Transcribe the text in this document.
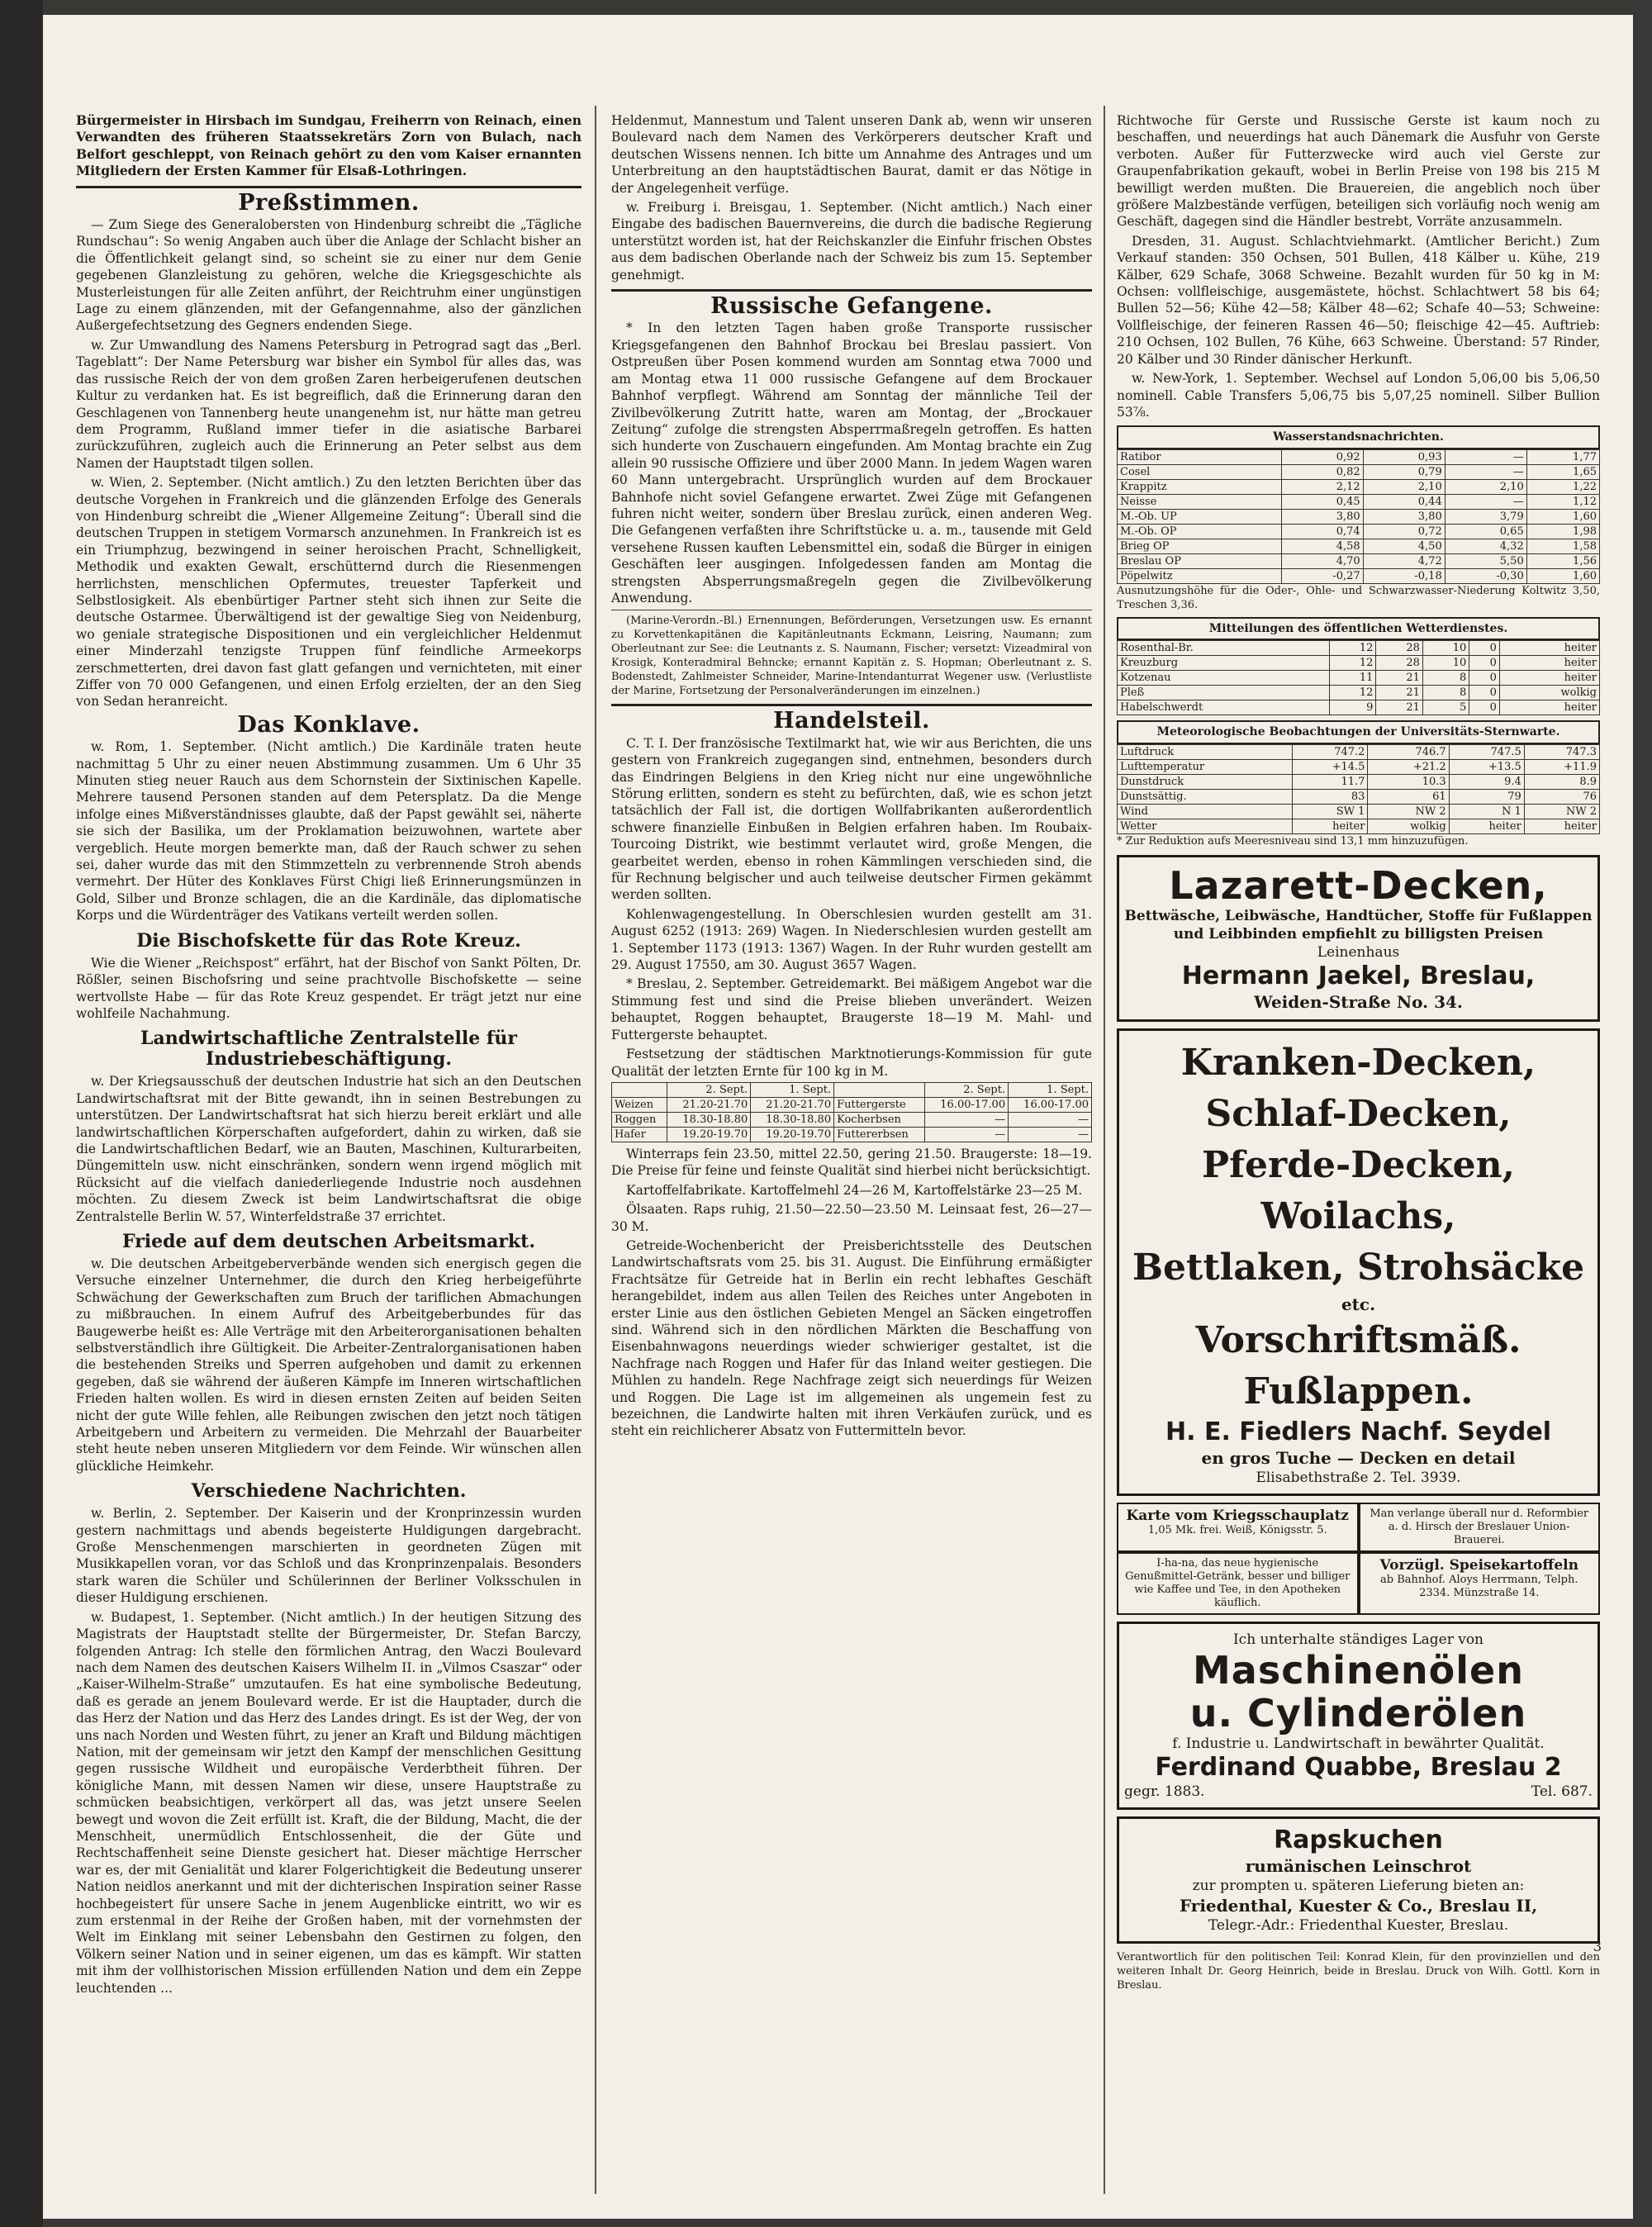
Bürgermeister in Hirsbach im Sundgau, Freiherrn von Reinach, einen Verwandten des früheren Staatssekretärs Zorn von Bulach, nach Belfort geschleppt, von Reinach gehört zu den vom Kaiser ernannten Mitgliedern der Ersten Kammer für Elsaß-Lothringen.

Preßstimmen.

— Zum Siege des Generalobersten von Hindenburg schreibt die „Tägliche Rundschau“: So wenig Angaben auch über die Anlage der Schlacht bisher an die Öffentlichkeit gelangt sind, so scheint sie zu einer nur dem Genie gegebenen Glanzleistung zu gehören, welche die Kriegsgeschichte als Musterleistungen für alle Zeiten anführt, der Reichtruhm einer ungünstigen Lage zu einem glänzenden, mit der Gefangennahme, also der gänzlichen Außergefechtsetzung des Gegners endenden Siege.

w. Zur Umwandlung des Namens Petersburg in Petrograd sagt das „Berl. Tageblatt“: Der Name Petersburg war bisher ein Symbol für alles das, was das russische Reich der von dem großen Zaren herbeigerufenen deutschen Kultur zu verdanken hat. Es ist begreiflich, daß die Erinnerung daran den Geschlagenen von Tannenberg heute unangenehm ist, nur hätte man getreu dem Programm, Rußland immer tiefer in die asiatische Barbarei zurückzuführen, zugleich auch die Erinnerung an Peter selbst aus dem Namen der Hauptstadt tilgen sollen.

w. Wien, 2. September. (Nicht amtlich.) Zu den letzten Berichten über das deutsche Vorgehen in Frankreich und die glänzenden Erfolge des Generals von Hindenburg schreibt die „Wiener Allgemeine Zeitung“: Überall sind die deutschen Truppen in stetigem Vormarsch anzunehmen. In Frankreich ist es ein Triumphzug, bezwingend in seiner heroischen Pracht, Schnelligkeit, Methodik und exakten Gewalt, erschütternd durch die Riesenmengen herrlichsten, menschlichen Opfermutes, treuester Tapferkeit und Selbstlosigkeit. Als ebenbürtiger Partner steht sich ihnen zur Seite die deutsche Ostarmee. Überwältigend ist der gewaltige Sieg von Neidenburg, wo geniale strategische Dispositionen und ein vergleichlicher Heldenmut einer Minderzahl tenzigste Truppen fünf feindliche Armeekorps zerschmetterten, drei davon fast glatt gefangen und vernichteten, mit einer Ziffer von 70 000 Gefangenen, und einen Erfolg erzielten, der an den Sieg von Sedan heranreicht.

Das Konklave.

w. Rom, 1. September. (Nicht amtlich.) Die Kardinäle traten heute nachmittag 5 Uhr zu einer neuen Abstimmung zusammen. Um 6 Uhr 35 Minuten stieg neuer Rauch aus dem Schornstein der Sixtinischen Kapelle. Mehrere tausend Personen standen auf dem Petersplatz. Da die Menge infolge eines Mißverständnisses glaubte, daß der Papst gewählt sei, näherte sie sich der Basilika, um der Proklamation beizuwohnen, wartete aber vergeblich. Heute morgen bemerkte man, daß der Rauch schwer zu sehen sei, daher wurde das mit den Stimmzetteln zu verbrennende Stroh abends vermehrt. Der Hüter des Konklaves Fürst Chigi ließ Erinnerungsmünzen in Gold, Silber und Bronze schlagen, die an die Kardinäle, das diplomatische Korps und die Würdenträger des Vatikans verteilt werden sollen.

Die Bischofskette für das Rote Kreuz.

Wie die Wiener „Reichspost“ erfährt, hat der Bischof von Sankt Pölten, Dr. Rößler, seinen Bischofsring und seine prachtvolle Bischofskette — seine wertvollste Habe — für das Rote Kreuz gespendet. Er trägt jetzt nur eine wohlfeile Nachahmung.

Landwirtschaftliche Zentralstelle für Industriebeschäftigung.

w. Der Kriegsausschuß der deutschen Industrie hat sich an den Deutschen Landwirtschaftsrat mit der Bitte gewandt, ihn in seinen Bestrebungen zu unterstützen. Der Landwirtschaftsrat hat sich hierzu bereit erklärt und alle landwirtschaftlichen Körperschaften aufgefordert, dahin zu wirken, daß sie die Landwirtschaftlichen Bedarf, wie an Bauten, Maschinen, Kulturarbeiten, Düngemitteln usw. nicht einschränken, sondern wenn irgend möglich mit Rücksicht auf die vielfach daniederliegende Industrie noch ausdehnen möchten. Zu diesem Zweck ist beim Landwirtschaftsrat die obige Zentralstelle Berlin W. 57, Winterfeldstraße 37 errichtet.

Friede auf dem deutschen Arbeitsmarkt.

w. Die deutschen Arbeitgeberverbände wenden sich energisch gegen die Versuche einzelner Unternehmer, die durch den Krieg herbeigeführte Schwächung der Gewerkschaften zum Bruch der tariflichen Abmachungen zu mißbrauchen. In einem Aufruf des Arbeitgeberbundes für das Baugewerbe heißt es: Alle Verträge mit den Arbeiterorganisationen behalten selbstverständlich ihre Gültigkeit. Die Arbeiter-Zentralorganisationen haben die bestehenden Streiks und Sperren aufgehoben und damit zu erkennen gegeben, daß sie während der äußeren Kämpfe im Inneren wirtschaftlichen Frieden halten wollen. Es wird in diesen ernsten Zeiten auf beiden Seiten nicht der gute Wille fehlen, alle Reibungen zwischen den jetzt noch tätigen Arbeitgebern und Arbeitern zu vermeiden. Die Mehrzahl der Bauarbeiter steht heute neben unseren Mitgliedern vor dem Feinde. Wir wünschen allen glückliche Heimkehr.

Verschiedene Nachrichten.

w. Berlin, 2. September. Der Kaiserin und der Kronprinzessin wurden gestern nachmittags und abends begeisterte Huldigungen dargebracht. Große Menschenmengen marschierten in geordneten Zügen mit Musikkapellen voran, vor das Schloß und das Kronprinzenpalais. Besonders stark waren die Schüler und Schülerinnen der Berliner Volksschulen in dieser Huldigung erschienen.

w. Budapest, 1. September. (Nicht amtlich.) In der heutigen Sitzung des Magistrats der Hauptstadt stellte der Bürgermeister, Dr. Stefan Barczy, folgenden Antrag: Ich stelle den förmlichen Antrag, den Waczi Boulevard nach dem Namen des deutschen Kaisers Wilhelm II. in „Vilmos Csaszar“ oder „Kaiser-Wilhelm-Straße“ umzutaufen. Es hat eine symbolische Bedeutung, daß es gerade an jenem Boulevard werde. Er ist die Hauptader, durch die das Herz der Nation und das Herz des Landes dringt. Es ist der Weg, der von uns nach Norden und Westen führt, zu jener an Kraft und Bildung mächtigen Nation, mit der gemeinsam wir jetzt den Kampf der menschlichen Gesittung gegen russische Wildheit und europäische Verderbtheit führen. Der königliche Mann, mit dessen Namen wir diese, unsere Hauptstraße zu schmücken beabsichtigen, verkörpert all das, was jetzt unsere Seelen bewegt und wovon die Zeit erfüllt ist. Kraft, die der Bildung, Macht, die der Menschheit, unermüdlich Entschlossenheit, die der Güte und Rechtschaffenheit seine Dienste gesichert hat. Dieser mächtige Herrscher war es, der mit Genialität und klarer Folgerichtigkeit die Bedeutung unserer Nation neidlos anerkannt und mit der dichterischen Inspiration seiner Rasse hochbegeistert für unsere Sache in jenem Augenblicke eintritt, wo wir es zum erstenmal in der Reihe der Großen haben, mit der vornehmsten der Welt im Einklang mit seiner Lebensbahn den Gestirnen zu folgen, den Völkern seiner Nation und in seiner eigenen, um das es kämpft. Wir statten mit ihm der vollhistorischen Mission erfüllenden Nation und dem ein Zeppe leuchtenden ...

Heldenmut, Mannestum und Talent unseren Dank ab, wenn wir unseren Boulevard nach dem Namen des Verkörperers deutscher Kraft und deutschen Wissens nennen. Ich bitte um Annahme des Antrages und um Unterbreitung an den hauptstädtischen Baurat, damit er das Nötige in der Angelegenheit verfüge.

w. Freiburg i. Breisgau, 1. September. (Nicht amtlich.) Nach einer Eingabe des badischen Bauernvereins, die durch die badische Regierung unterstützt worden ist, hat der Reichskanzler die Einfuhr frischen Obstes aus dem badischen Oberlande nach der Schweiz bis zum 15. September genehmigt.

Russische Gefangene.

* In den letzten Tagen haben große Transporte russischer Kriegsgefangenen den Bahnhof Brockau bei Breslau passiert. Von Ostpreußen über Posen kommend wurden am Sonntag etwa 7000 und am Montag etwa 11 000 russische Gefangene auf dem Brockauer Bahnhof verpflegt. Während am Sonntag der männliche Teil der Zivilbevölkerung Zutritt hatte, waren am Montag, der „Brockauer Zeitung“ zufolge die strengsten Absperrmaßregeln getroffen. Es hatten sich hunderte von Zuschauern eingefunden. Am Montag brachte ein Zug allein 90 russische Offiziere und über 2000 Mann. In jedem Wagen waren 60 Mann untergebracht. Ursprünglich wurden auf dem Brockauer Bahnhofe nicht soviel Gefangene erwartet. Zwei Züge mit Gefangenen fuhren nicht weiter, sondern über Breslau zurück, einen anderen Weg. Die Gefangenen verfaßten ihre Schriftstücke u. a. m., tausende mit Geld versehene Russen kauften Lebensmittel ein, sodaß die Bürger in einigen Geschäften leer ausgingen. Infolgedessen fanden am Montag die strengsten Absperrungsmaßregeln gegen die Zivilbevölkerung Anwendung.

(Marine-Verordn.-Bl.) Ernennungen, Beförderungen, Versetzungen usw. Es ernannt zu Korvettenkapitänen die Kapitänleutnants Eckmann, Leisring, Naumann; zum Oberleutnant zur See: die Leutnants z. S. Naumann, Fischer; versetzt: Vizeadmiral von Krosigk, Konteradmiral Behncke; ernannt Kapitän z. S. Hopman; Oberleutnant z. S. Bodenstedt, Zahlmeister Schneider, Marine-Intendanturrat Wegener usw. (Verlustliste der Marine, Fortsetzung der Personalveränderungen im einzelnen.)

Handelsteil.

C. T. I. Der französische Textilmarkt hat, wie wir aus Berichten, die uns gestern von Frankreich zugegangen sind, entnehmen, besonders durch das Eindringen Belgiens in den Krieg nicht nur eine ungewöhnliche Störung erlitten, sondern es steht zu befürchten, daß, wie es schon jetzt tatsächlich der Fall ist, die dortigen Wollfabrikanten außerordentlich schwere finanzielle Einbußen in Belgien erfahren haben. Im Roubaix-Tourcoing Distrikt, wie bestimmt verlautet wird, große Mengen, die gearbeitet werden, ebenso in rohen Kämmlingen verschieden sind, die für Rechnung belgischer und auch teilweise deutscher Firmen gekämmt werden sollten.

Kohlenwagengestellung. In Oberschlesien wurden gestellt am 31. August 6252 (1913: 269) Wagen. In Niederschlesien wurden gestellt am 1. September 1173 (1913: 1367) Wagen. In der Ruhr wurden gestellt am 29. August 17550, am 30. August 3657 Wagen.

* Breslau, 2. September. Getreidemarkt. Bei mäßigem Angebot war die Stimmung fest und sind die Preise blieben unverändert. Weizen behauptet, Roggen behauptet, Braugerste 18—19 M. Mahl- und Futtergerste behauptet.

Festsetzung der städtischen Marktnotierungs-Kommission für gute Qualität der letzten Ernte für 100 kg in M.

	2. Sept.	1. Sept.		2. Sept.	1. Sept.
Weizen	21.20-21.70	21.20-21.70	Futtergerste	16.00-17.00	16.00-17.00
Roggen	18.30-18.80	18.30-18.80	Kocherbsen	—	—
Hafer	19.20-19.70	19.20-19.70	Futtererbsen	—	—

Winterraps fein 23.50, mittel 22.50, gering 21.50. Braugerste: 18—19. Die Preise für feine und feinste Qualität sind hierbei nicht berücksichtigt.

Kartoffelfabrikate. Kartoffelmehl 24—26 M, Kartoffelstärke 23—25 M.

Ölsaaten. Raps ruhig, 21.50—22.50—23.50 M. Leinsaat fest, 26—27—30 M.

Getreide-Wochenbericht der Preisberichtsstelle des Deutschen Landwirtschaftsrats vom 25. bis 31. August. Die Einführung ermäßigter Frachtsätze für Getreide hat in Berlin ein recht lebhaftes Geschäft herangebildet, indem aus allen Teilen des Reiches unter Angeboten in erster Linie aus den östlichen Gebieten Mengel an Säcken eingetroffen sind. Während sich in den nördlichen Märkten die Beschaffung von Eisenbahnwagons neuerdings wieder schwieriger gestaltet, ist die Nachfrage nach Roggen und Hafer für das Inland weiter gestiegen. Die Mühlen zu handeln. Rege Nachfrage zeigt sich neuerdings für Weizen und Roggen. Die Lage ist im allgemeinen als ungemein fest zu bezeichnen, die Landwirte halten mit ihren Verkäufen zurück, und es steht ein reichlicherer Absatz von Futtermitteln bevor.

Richtwoche für Gerste und Russische Gerste ist kaum noch zu beschaffen, und neuerdings hat auch Dänemark die Ausfuhr von Gerste verboten. Außer für Futterzwecke wird auch viel Gerste zur Graupenfabrikation gekauft, wobei in Berlin Preise von 198 bis 215 M bewilligt werden mußten. Die Brauereien, die angeblich noch über größere Malzbestände verfügen, beteiligen sich vorläufig noch wenig am Geschäft, dagegen sind die Händler bestrebt, Vorräte anzusammeln.

Dresden, 31. August. Schlachtviehmarkt. (Amtlicher Bericht.) Zum Verkauf standen: 350 Ochsen, 501 Bullen, 418 Kälber u. Kühe, 219 Kälber, 629 Schafe, 3068 Schweine. Bezahlt wurden für 50 kg in M: Ochsen: vollfleischige, ausgemästete, höchst. Schlachtwert 58 bis 64; Bullen 52—56; Kühe 42—58; Kälber 48—62; Schafe 40—53; Schweine: Vollfleischige, der feineren Rassen 46—50; fleischige 42—45. Auftrieb: 210 Ochsen, 102 Bullen, 76 Kühe, 663 Schweine. Überstand: 57 Rinder, 20 Kälber und 30 Rinder dänischer Herkunft.

w. New-York, 1. September. Wechsel auf London 5,06,00 bis 5,06,50 nominell. Cable Transfers 5,06,75 bis 5,07,25 nominell. Silber Bullion 53⅞.

Wasserstandsnachrichten.
Ratibor	0,92	0,93	—	1,77
Cosel	0,82	0,79	—	1,65
Krappitz	2,12	2,10	2,10	1,22
Neisse	0,45	0,44	—	1,12
M.-Ob. UP	3,80	3,80	3,79	1,60
M.-Ob. OP	0,74	0,72	0,65	1,98
Brieg OP	4,58	4,50	4,32	1,58
Breslau OP	4,70	4,72	5,50	1,56
Pöpelwitz	-0,27	-0,18	-0,30	1,60

Ausnutzungshöhe für die Oder-, Ohle- und Schwarzwasser-Niederung Koltwitz 3,50, Treschen 3,36.

Mitteilungen des öffentlichen Wetterdienstes.
Rosenthal-Br.	12	28	10	0	heiter
Kreuzburg	12	28	10	0	heiter
Kotzenau	11	21	8	0	heiter
Pleß	12	21	8	0	wolkig
Habelschwerdt	9	21	5	0	heiter
Meteorologische Beobachtungen der Universitäts-Sternwarte.
Luftdruck	747.2	746.7	747.5	747.3
Lufttemperatur	+14.5	+21.2	+13.5	+11.9
Dunstdruck	11.7	10.3	9.4	8.9
Dunstsättig.	83	61	79	76
Wind	SW 1	NW 2	N 1	NW 2
Wetter	heiter	wolkig	heiter	heiter

* Zur Reduktion aufs Meeresniveau sind 13,1 mm hinzuzufügen.

Lazarett-Decken,
Bettwäsche, Leibwäsche, Handtücher, Stoffe für Fußlappen und Leibbinden empfiehlt zu billigsten Preisen
Leinenhaus
Hermann Jaekel, Breslau,
Weiden-Straße No. 34.
Kranken-Decken,
Schlaf-Decken,
Pferde-Decken,
Woilachs,
Bettlaken, Strohsäcke
etc.
Vorschriftsmäß. Fußlappen.
H. E. Fiedlers Nachf. Seydel
en gros Tuche — Decken en detail
Elisabethstraße 2. Tel. 3939.
Karte vom Kriegsschauplatz
1,05 Mk. frei. Weiß, Königsstr. 5.
Man verlange überall nur d. Reformbier a. d. Hirsch der Breslauer Union-Brauerei.
I-ha-na, das neue hygienische Genußmittel-Getränk, besser und billiger wie Kaffee und Tee, in den Apotheken käuflich.
Vorzügl. Speisekartoffeln
ab Bahnhof. Aloys Herrmann, Telph. 2334. Münzstraße 14.
Ich unterhalte ständiges Lager von
Maschinenölen
u. Cylinderölen
f. Industrie u. Landwirtschaft in bewährter Qualität.
Ferdinand Quabbe, Breslau 2
gegr. 1883.	Tel. 687.
Rapskuchen
rumänischen Leinschrot
zur prompten u. späteren Lieferung bieten an:
Friedenthal, Kuester & Co., Breslau II,
Telegr.-Adr.: Friedenthal Kuester, Breslau.

Verantwortlich für den politischen Teil: Konrad Klein, für den provinziellen und den weiteren Inhalt Dr. Georg Heinrich, beide in Breslau. Druck von Wilh. Gottl. Korn in Breslau.

3
